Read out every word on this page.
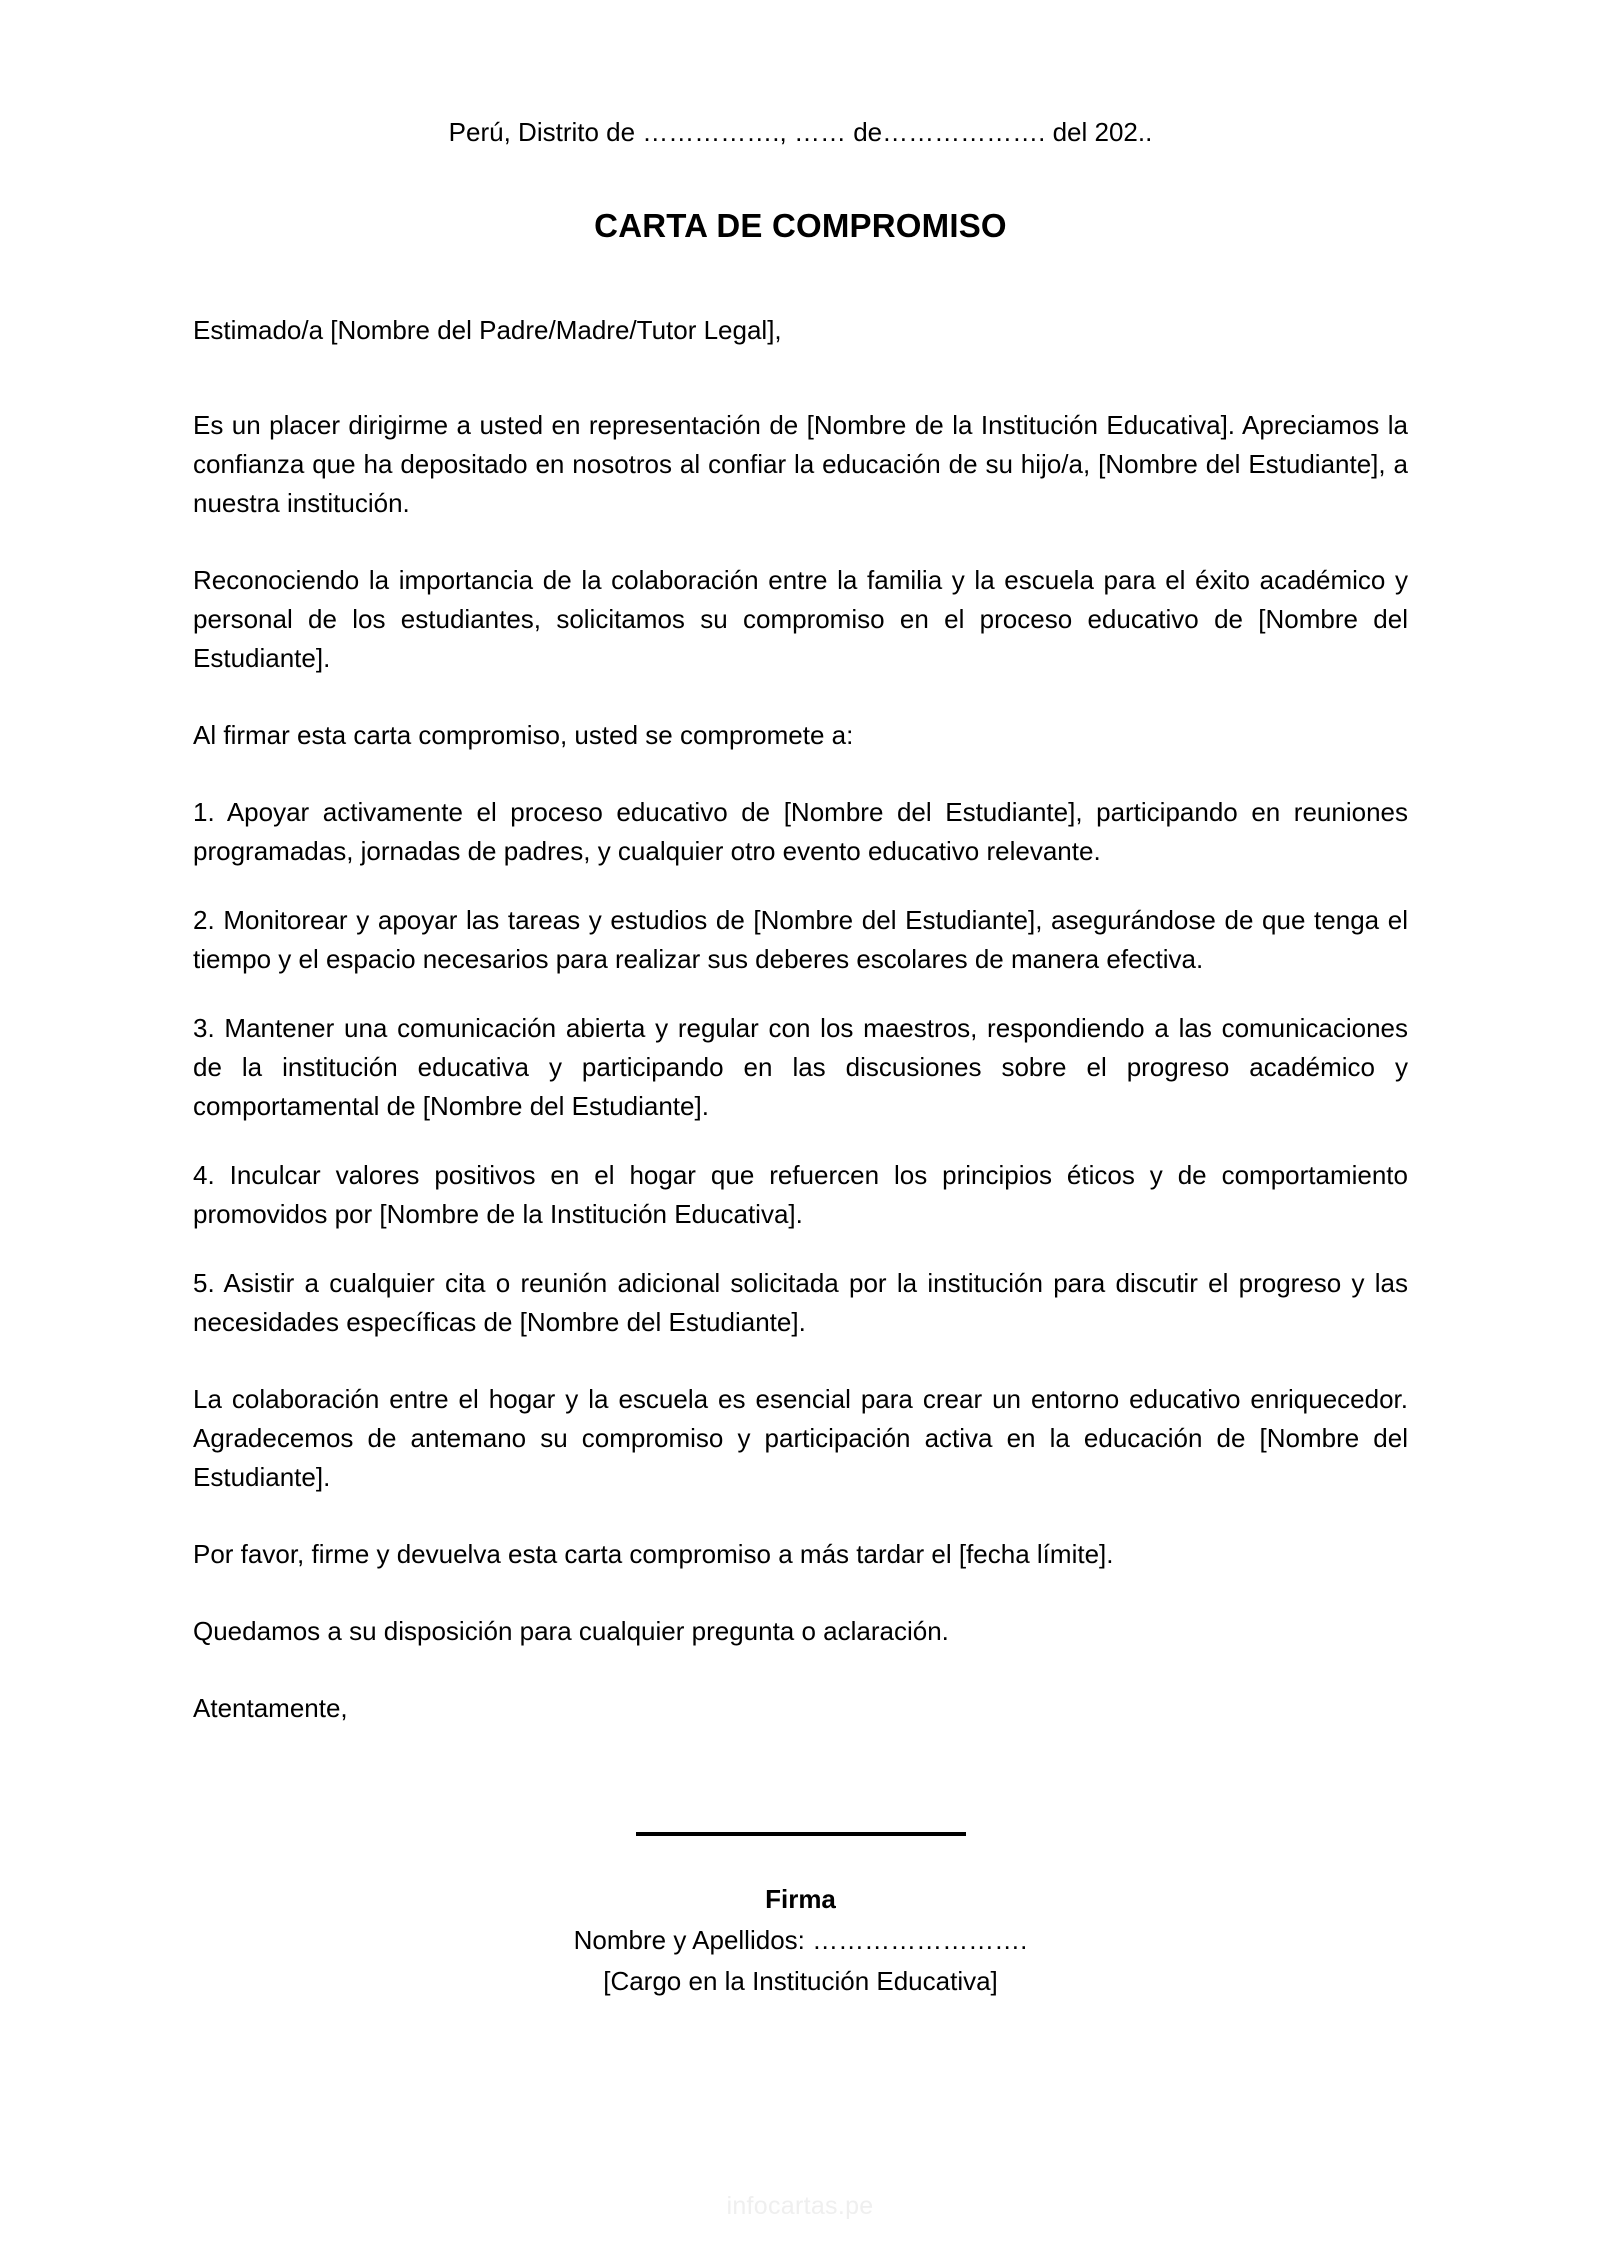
Perú, Distrito de ……………., …… de………………. del 202..
CARTA DE COMPROMISO

Estimado/a [Nombre del Padre/Madre/Tutor Legal],

Es un placer dirigirme a usted en representación de [Nombre de la Institución Educativa]. Apreciamos la confianza que ha depositado en nosotros al confiar la educación de su hijo/a, [Nombre del Estudiante], a nuestra institución.

Reconociendo la importancia de la colaboración entre la familia y la escuela para el éxito académico y personal de los estudiantes, solicitamos su compromiso en el proceso educativo de [Nombre del Estudiante].

Al firmar esta carta compromiso, usted se compromete a:

1. Apoyar activamente el proceso educativo de [Nombre del Estudiante], participando en reuniones programadas, jornadas de padres, y cualquier otro evento educativo relevante.

2. Monitorear y apoyar las tareas y estudios de [Nombre del Estudiante], asegurándose de que tenga el tiempo y el espacio necesarios para realizar sus deberes escolares de manera efectiva.

3. Mantener una comunicación abierta y regular con los maestros, respondiendo a las comunicaciones de la institución educativa y participando en las discusiones sobre el progreso académico y comportamental de [Nombre del Estudiante].

4. Inculcar valores positivos en el hogar que refuercen los principios éticos y de comportamiento promovidos por [Nombre de la Institución Educativa].

5. Asistir a cualquier cita o reunión adicional solicitada por la institución para discutir el progreso y las necesidades específicas de [Nombre del Estudiante].

La colaboración entre el hogar y la escuela es esencial para crear un entorno educativo enriquecedor. Agradecemos de antemano su compromiso y participación activa en la educación de [Nombre del Estudiante].

Por favor, firme y devuelva esta carta compromiso a más tardar el [fecha límite].

Quedamos a su disposición para cualquier pregunta o aclaración.

Atentamente,

Firma
Nombre y Apellidos: …………………….
[Cargo en la Institución Educativa]
infocartas.pe
